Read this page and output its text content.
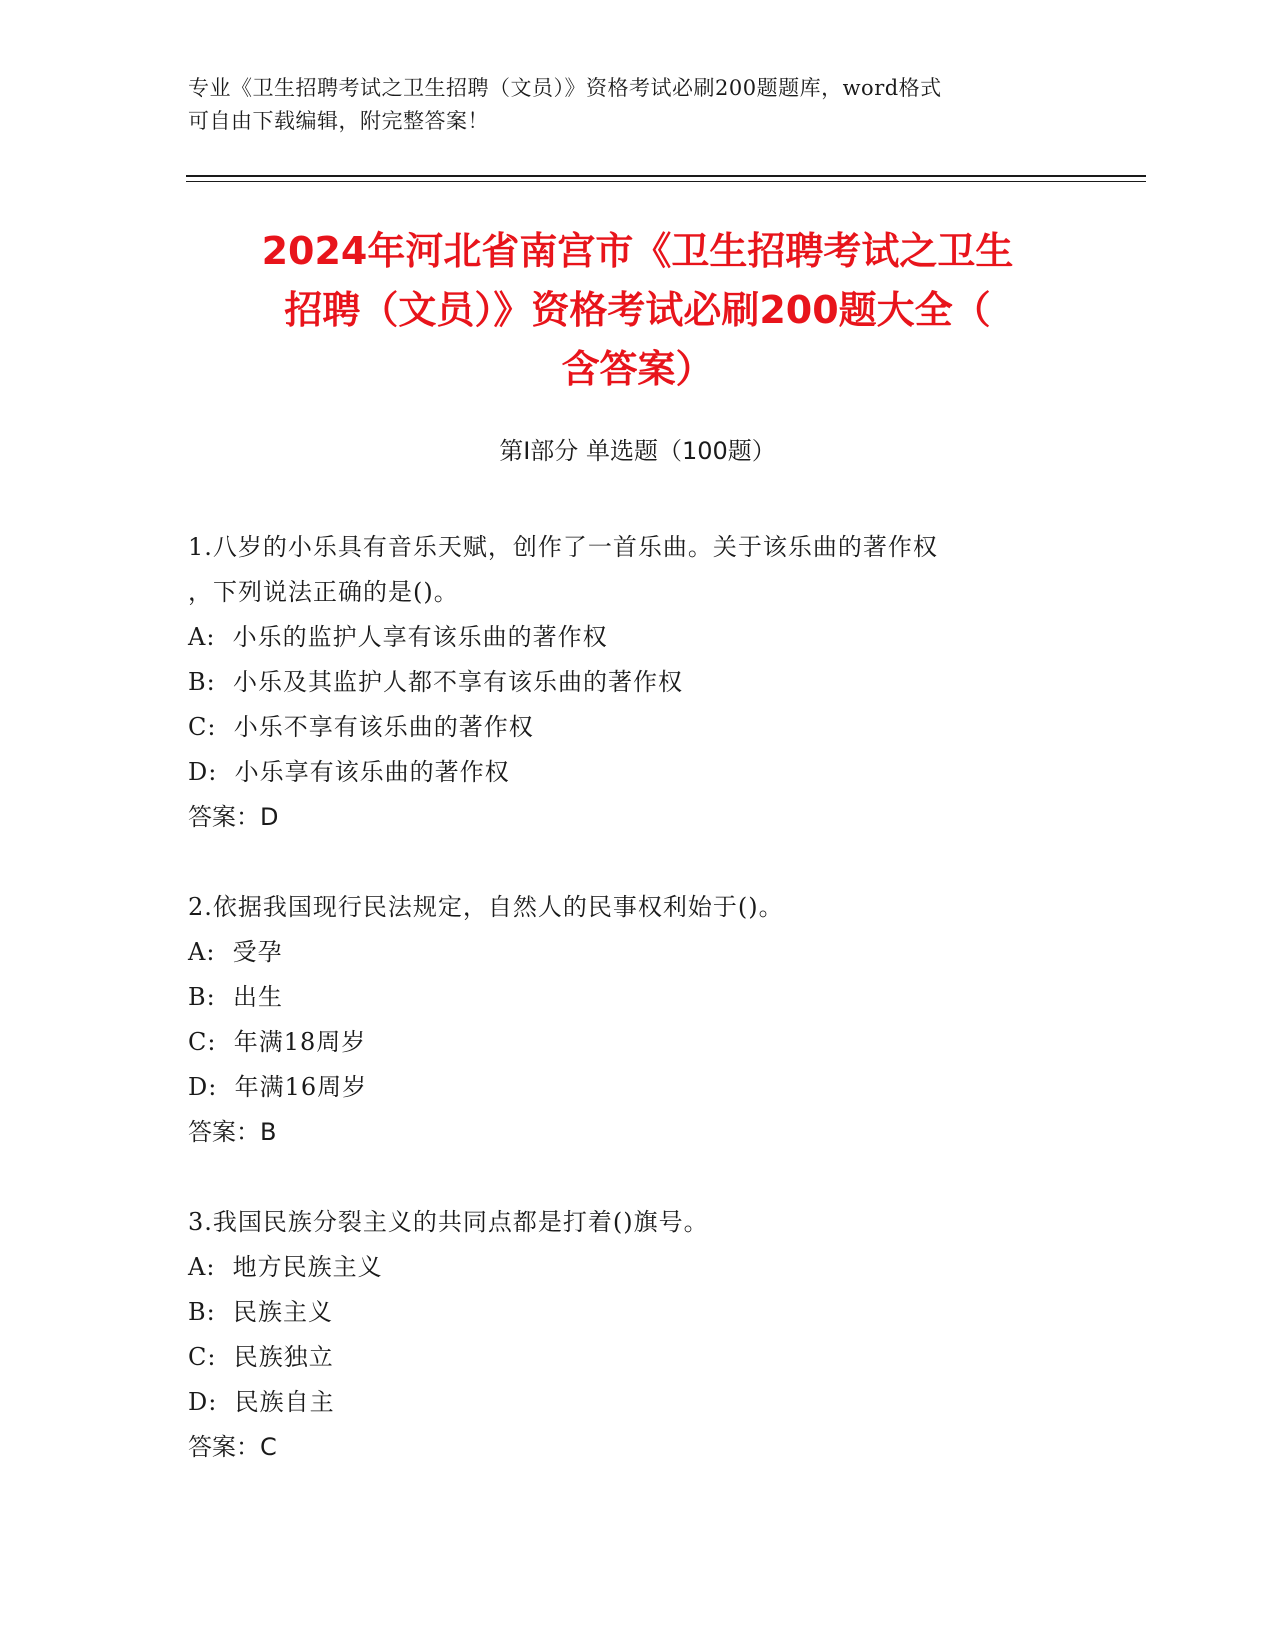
专业《卫生招聘考试之卫生招聘（文员）》资格考试必刷200题题库，word格式
可自由下载编辑，附完整答案！
2024年河北省南宫市《卫生招聘考试之卫生
招聘（文员）》资格考试必刷200题大全（
含答案）
第Ⅰ部分 单选题（100题）
1.八岁的小乐具有音乐天赋，创作了一首乐曲。关于该乐曲的著作权
，下列说法正确的是()。
A:  小乐的监护人享有该乐曲的著作权
B:  小乐及其监护人都不享有该乐曲的著作权
C:  小乐不享有该乐曲的著作权
D:  小乐享有该乐曲的著作权
答案：D
2.依据我国现行民法规定，自然人的民事权利始于()。
A:  受孕
B:  出生
C:  年满18周岁
D:  年满16周岁
答案：B
3.我国民族分裂主义的共同点都是打着()旗号。
A:  地方民族主义
B:  民族主义
C:  民族独立
D:  民族自主
答案：C
